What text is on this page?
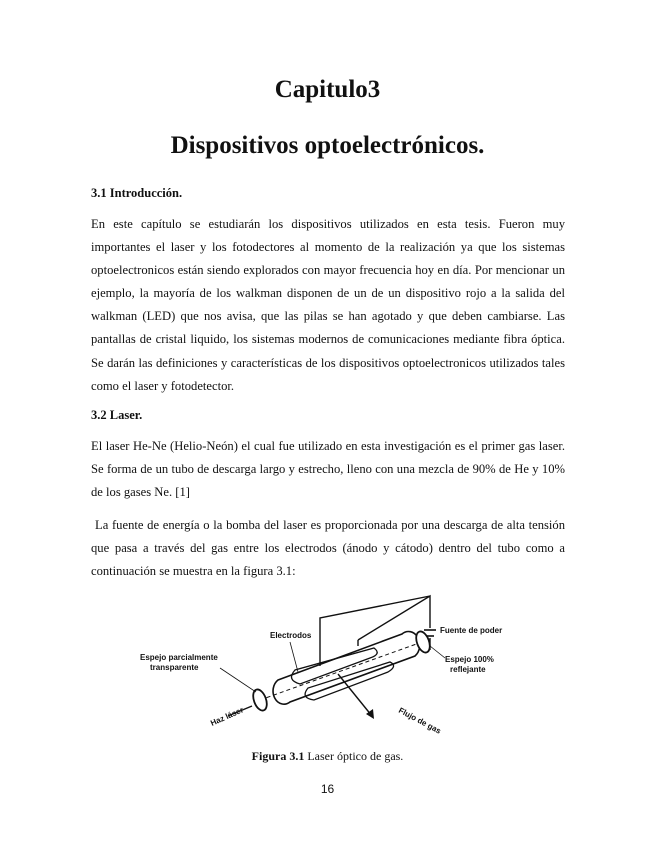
Capitulo3
Dispositivos optoelectrónicos.
3.1 Introducción.

En este capítulo se estudiarán los dispositivos utilizados en esta tesis. Fueron muy importantes el laser y los fotodectores al momento de la realización ya que los sistemas optoelectronicos están siendo explorados con mayor frecuencia hoy en día. Por mencionar un ejemplo, la mayoría de los walkman disponen de un de un dispositivo rojo a la salida del walkman (LED) que nos avisa, que las pilas se han agotado y que deben cambiarse. Las pantallas de cristal liquido, los sistemas modernos de comunicaciones mediante fibra óptica. Se darán las definiciones y características de los dispositivos optoelectronicos utilizados tales como el laser y fotodetector.

3.2 Laser.

El laser He-Ne (Helio-Neón) el cual fue utilizado en esta investigación es el primer gas laser. Se forma de un tubo de descarga largo y estrecho, lleno con una mezcla de 90% de He y 10% de los gases Ne. [1]

La fuente de energía o la bomba del laser es proporcionada por una descarga de alta tensión que pasa a través del gas entre los electrodos (ánodo y cátodo) dentro del tubo como a continuación se muestra en la figura 3.1:

Electrodos
Fuente de poder
Espejo parcialmente
transparente
Espejo 100%
reflejante
Haz láser	Flujo de gas
Figura 3.1 Laser óptico de gas.
16
